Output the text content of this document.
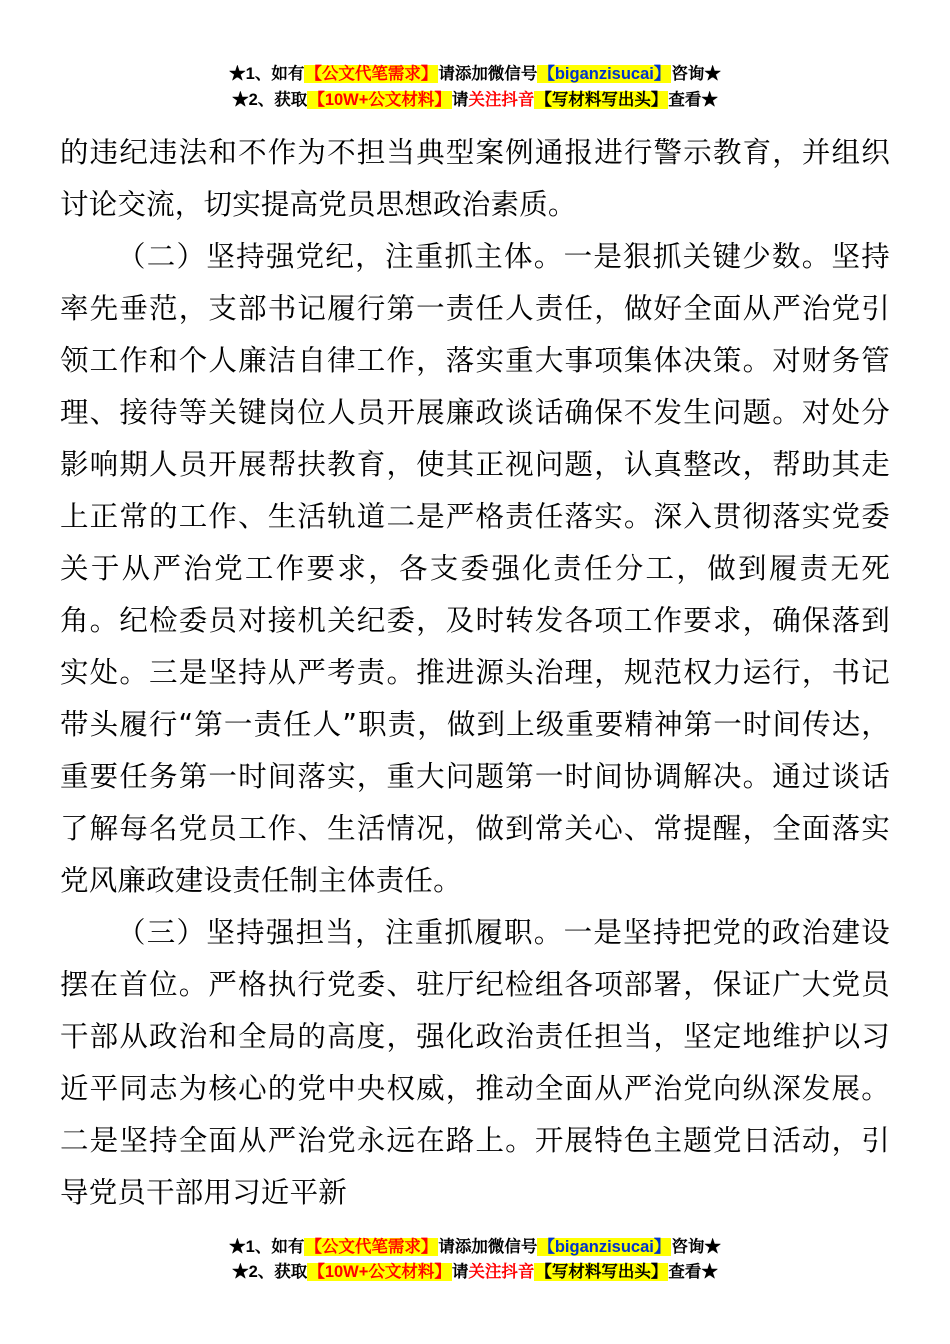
★1、如有【公文代笔需求】请添加微信号【biganzisucai】咨询★
★2、获取【10W+公文材料】请关注抖音【写材料写出头】查看★

的违纪违法和不作为不担当典型案例通报进行警示教育，并组织讨论交流，切实提高党员思想政治素质。

（二）坚持强党纪，注重抓主体。一是狠抓关键少数。坚持率先垂范，支部书记履行第一责任人责任，做好全面从严治党引领工作和个人廉洁自律工作，落实重大事项集体决策。对财务管理、接待等关键岗位人员开展廉政谈话确保不发生问题。对处分影响期人员开展帮扶教育，使其正视问题，认真整改，帮助其走上正常的工作、生活轨道二是严格责任落实。深入贯彻落实党委关于从严治党工作要求，各支委强化责任分工，做到履责无死角。纪检委员对接机关纪委，及时转发各项工作要求，确保落到实处。三是坚持从严考责。推进源头治理，规范权力运行，书记带头履行“第一责任人”职责，做到上级重要精神第一时间传达，重要任务第一时间落实，重大问题第一时间协调解决。通过谈话了解每名党员工作、生活情况，做到常关心、常提醒，全面落实党风廉政建设责任制主体责任。

（三）坚持强担当，注重抓履职。一是坚持把党的政治建设摆在首位。严格执行党委、驻厅纪检组各项部署，保证广大党员干部从政治和全局的高度，强化政治责任担当，坚定地维护以习近平同志为核心的党中央权威，推动全面从严治党向纵深发展。二是坚持全面从严治党永远在路上。开展特色主题党日活动，引导党员干部用习近平新

★1、如有【公文代笔需求】请添加微信号【biganzisucai】咨询★
★2、获取【10W+公文材料】请关注抖音【写材料写出头】查看★
